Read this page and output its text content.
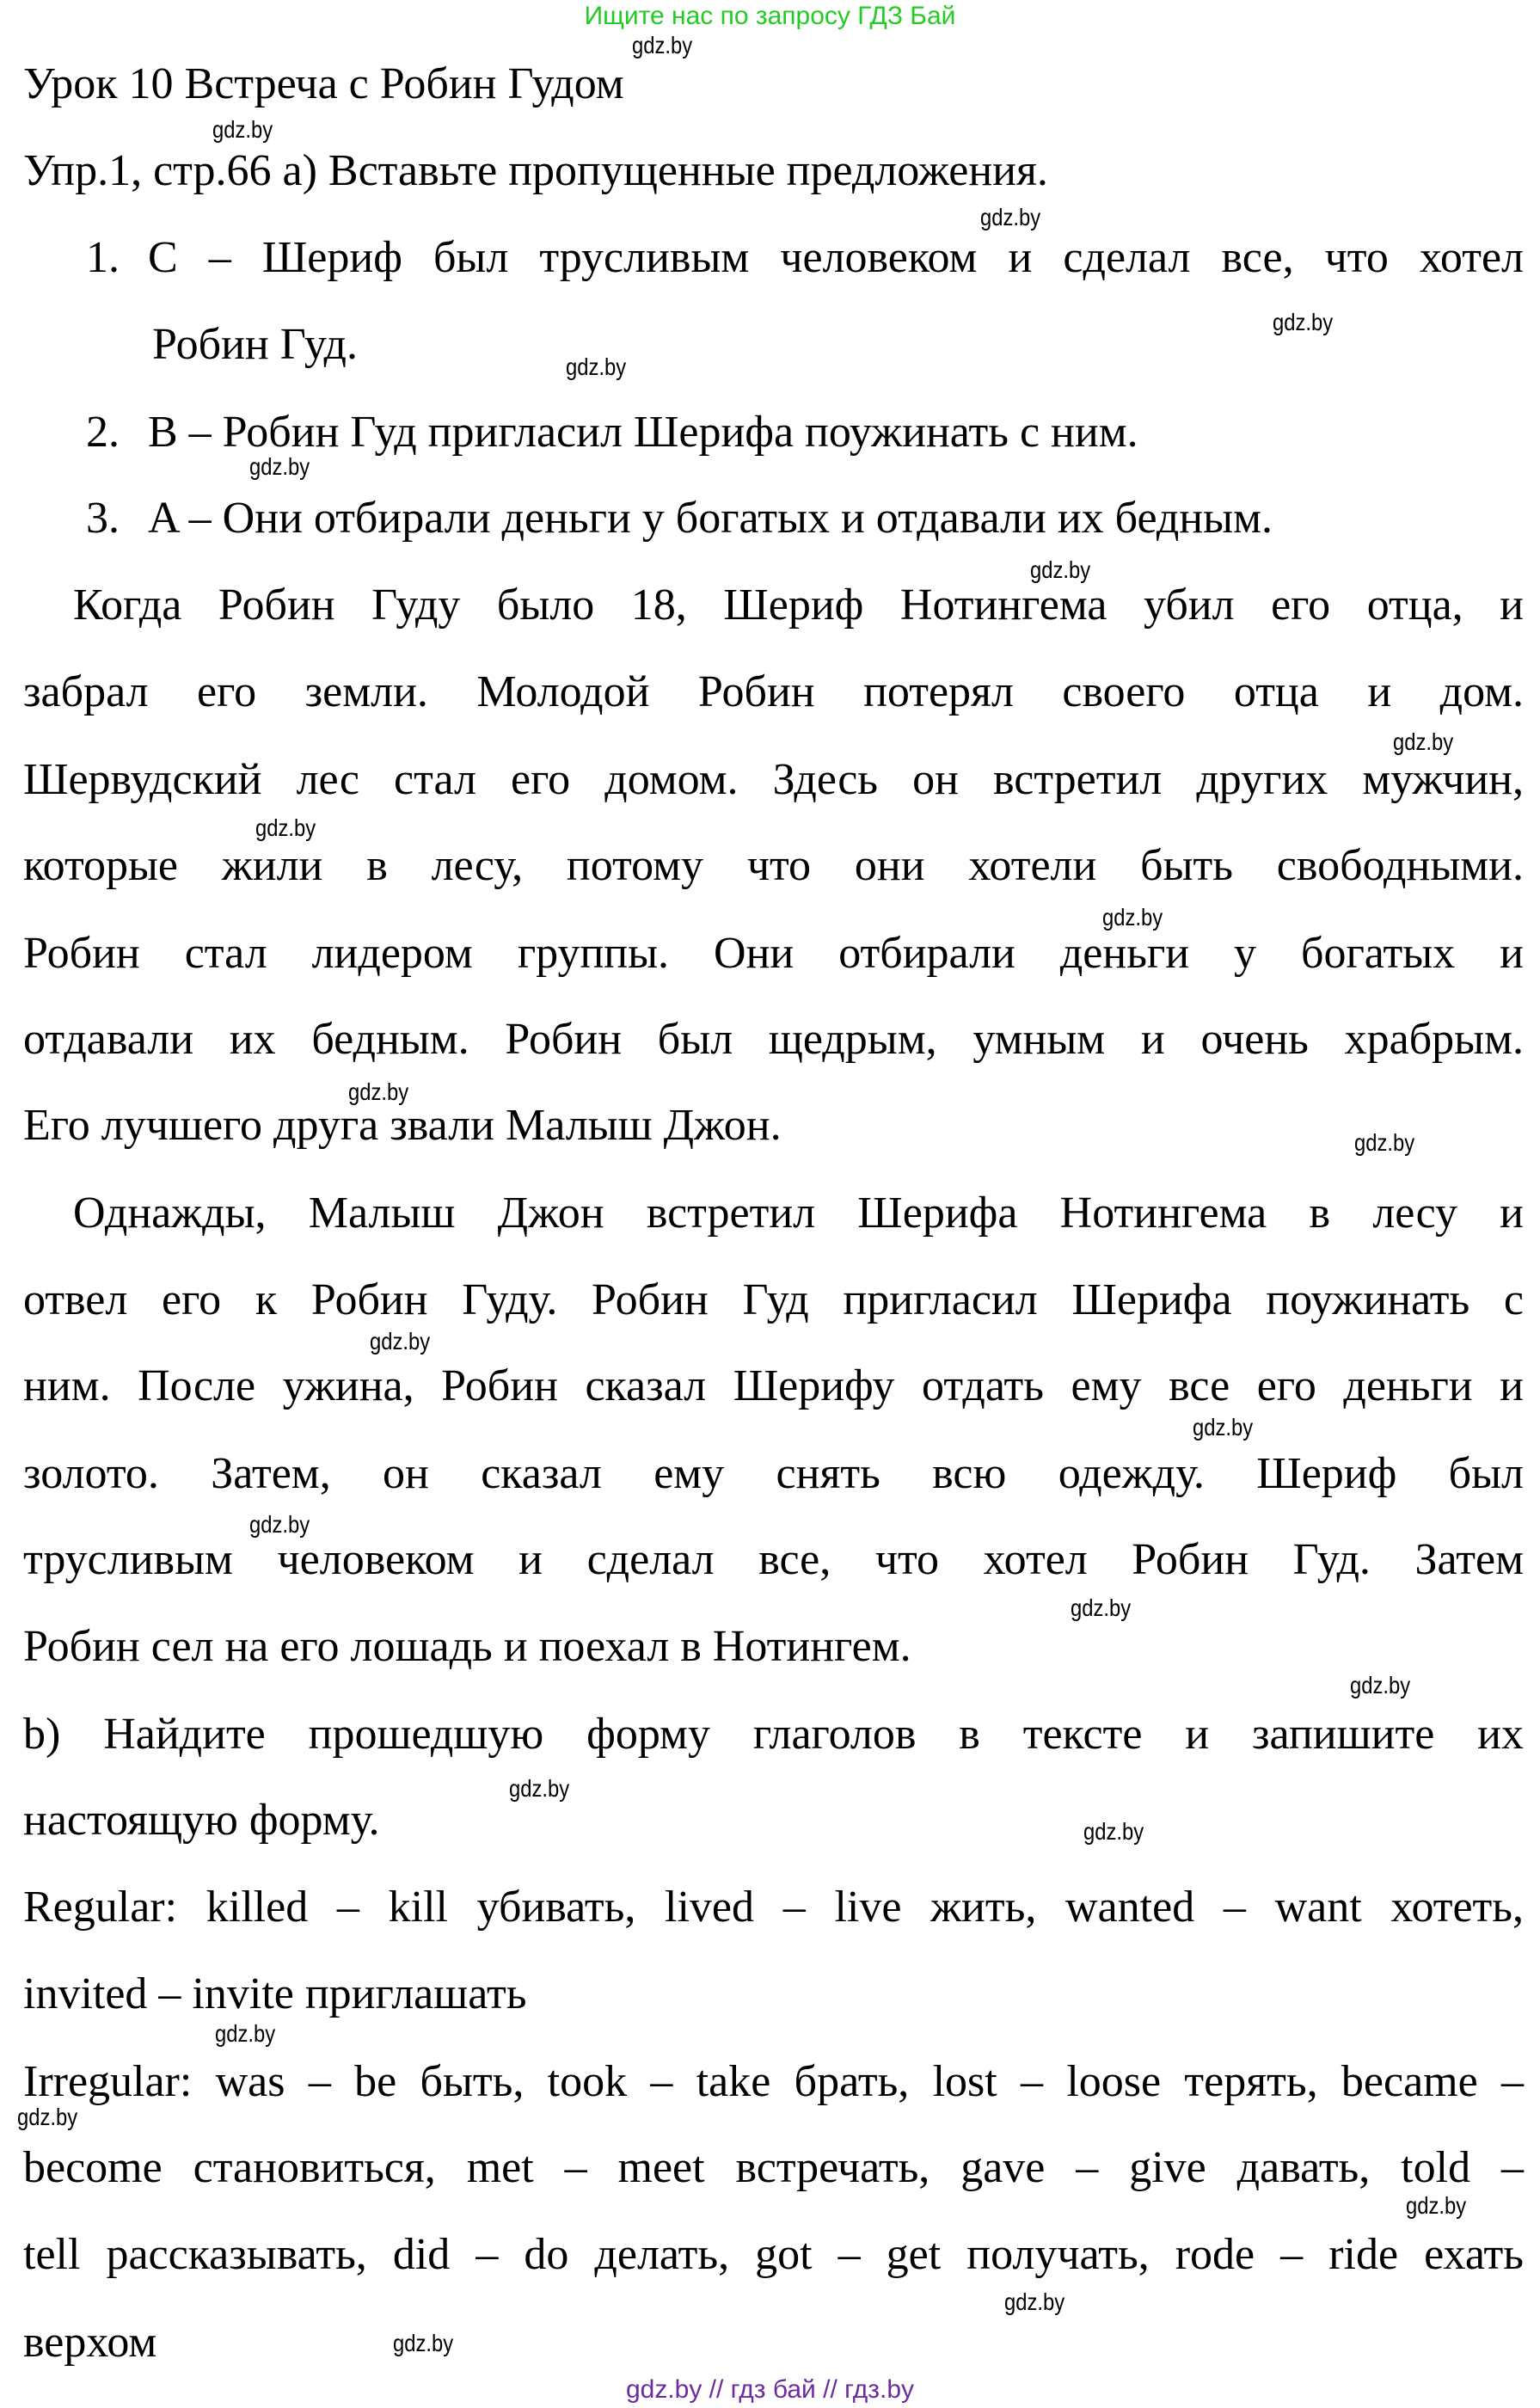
Ищите нас по запросу ГДЗ Бай
gdz.by
gdz.by
gdz.by
gdz.by
gdz.by
gdz.by
gdz.by
gdz.by
gdz.by
gdz.by
gdz.by
gdz.by
gdz.by
gdz.by
gdz.by
gdz.by
gdz.by
gdz.by
gdz.by
gdz.by
gdz.by
gdz.by
gdz.by
gdz.by
Урок 10 Встреча с Робин Гудом
Упр.1, стр.66 a) Вставьте пропущенные предложения.
1. C – Шериф был трусливым человеком и сделал все, что хотел
Робин Гуд.
2. B – Робин Гуд пригласил Шерифа поужинать с ним.
3. A – Они отбирали деньги у богатых и отдавали их бедным.
Когда Робин Гуду было 18, Шериф Нотингема убил его отца, и
забрал его земли. Молодой Робин потерял своего отца и дом.
Шервудский лес стал его домом. Здесь он встретил других мужчин,
которые жили в лесу, потому что они хотели быть свободными.
Робин стал лидером группы. Они отбирали деньги у богатых и
отдавали их бедным. Робин был щедрым, умным и очень храбрым.
Его лучшего друга звали Малыш Джон.
Однажды, Малыш Джон встретил Шерифа Нотингема в лесу и
отвел его к Робин Гуду. Робин Гуд пригласил Шерифа поужинать с
ним. После ужина, Робин сказал Шерифу отдать ему все его деньги и
золото. Затем, он сказал ему снять всю одежду. Шериф был
трусливым человеком и сделал все, что хотел Робин Гуд. Затем
Робин сел на его лошадь и поехал в Нотингем.
b) Найдите прошедшую форму глаголов в тексте и запишите их
настоящую форму.
Regular: killed – kill убивать, lived – live жить, wanted – want хотеть,
invited – invite приглашать
Irregular: was – be быть, took – take брать, lost – loose терять, became –
become становиться, met – meet встречать, gave – give давать, told –
tell рассказывать, did – do делать, got – get получать, rode – ride ехать
верхом
gdz.by // гдз бай // гдз.by
